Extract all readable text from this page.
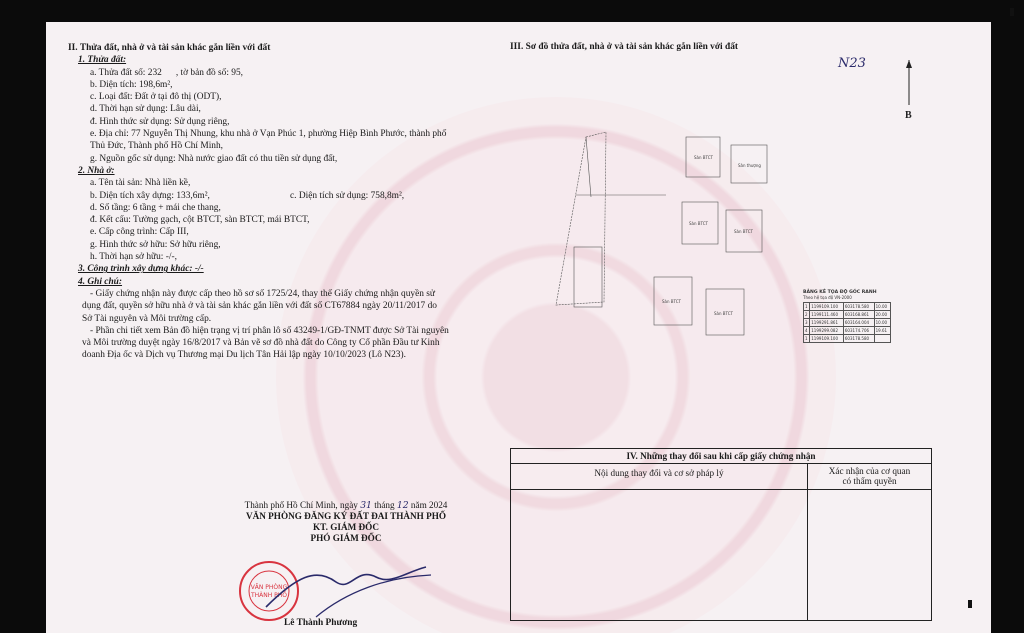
II. Thửa đất, nhà ở và tài sản khác gắn liền với đất
1. Thửa đất:
a. Thửa đất số: 232 , tờ bản đồ số: 95,
b. Diện tích: 198,6m²,
c. Loại đất: Đất ở tại đô thị (ODT),
d. Thời hạn sử dụng: Lâu dài,
đ. Hình thức sử dụng: Sử dụng riêng,
e. Địa chỉ: 77 Nguyễn Thị Nhung, khu nhà ở Vạn Phúc 1, phường Hiệp Bình Phước, thành phố
Thủ Đức, Thành phố Hồ Chí Minh,
g. Nguồn gốc sử dụng: Nhà nước giao đất có thu tiền sử dụng đất,
2. Nhà ở:
a. Tên tài sản: Nhà liền kề,
b. Diện tích xây dựng: 133,6m²,	c. Diện tích sử dụng: 758,8m²,
d. Số tầng: 6 tầng + mái che thang,
đ. Kết cấu: Tường gạch, cột BTCT, sàn BTCT, mái BTCT,
e. Cấp công trình: Cấp III,
g. Hình thức sở hữu: Sở hữu riêng,
h. Thời hạn sở hữu: -/-,
3. Công trình xây dựng khác: -/-
4. Ghi chú:
- Giấy chứng nhận này được cấp theo hồ sơ số 1725/24, thay thế Giấy chứng nhận quyền sử
dụng đất, quyền sở hữu nhà ở và tài sản khác gắn liền với đất số CT67884 ngày 20/11/2017 do
Sở Tài nguyên và Môi trường cấp.
- Phần chi tiết xem Bản đồ hiện trạng vị trí phân lô số 43249-1/GĐ-TNMT được Sở Tài nguyên
và Môi trường duyệt ngày 16/8/2017 và Bản vẽ sơ đồ nhà đất do Công ty Cổ phần Đầu tư Kinh
doanh Địa ốc và Dịch vụ Thương mại Du lịch Tân Hải lập ngày 10/10/2023 (Lô N23).
III. Sơ đồ thửa đất, nhà ở và tài sản khác gắn liền với đất
N23
B
Sàn BTCT
Sân thượng
Sàn BTCT
Sàn BTCT
Sàn BTCT
Sàn BTCT
BẢNG KÊ TỌA ĐỘ GÓC RANH
Theo hệ tọa độ VN-2000
1	1199109.100	603178.580	10.00
2	1199111.460	603168.861	20.00
3	1199291.861	603164.004	10.00
4	1199299.082	603174.706	19.61
1	1199109.100	603178.580	
IV. Những thay đổi sau khi cấp giấy chứng nhận
Nội dung thay đổi và cơ sở pháp lý	Xác nhận của cơ quan
có thẩm quyền
Thành phố Hồ Chí Minh, ngày 31 tháng 12 năm 2024
VĂN PHÒNG ĐĂNG KÝ ĐẤT ĐAI THÀNH PHỐ
KT. GIÁM ĐỐC
PHÓ GIÁM ĐỐC
VĂN PHÒNG
THÀNH PHỐ
Lê Thành Phương
